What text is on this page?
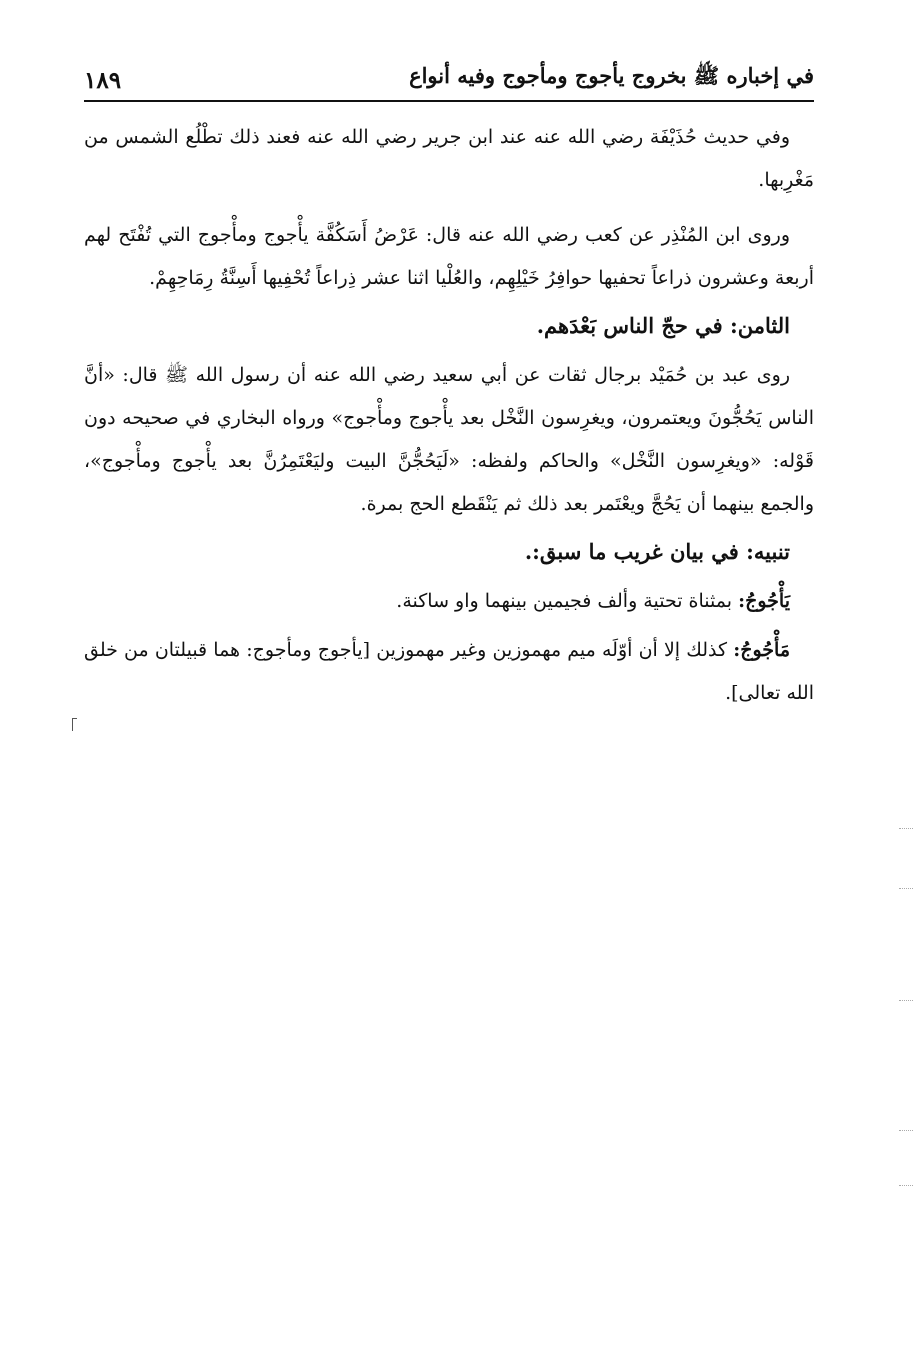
في إخباره ﷺ بخروج يأجوج ومأجوج وفيه أنواع
١٨٩

وفي حديث حُذَيْفَة رضي الله عنه عند ابن جرير رضي الله عنه فعند ذلك تطْلُع الشمس من مَغْرِبها.

وروى ابن المُنْذِر عن كعب رضي الله عنه قال: عَرْضُ أَسَكُفَّة يأْجوج ومأْجوج التي تُفْتَح لهم أربعة وعشرون ذراعاً تحفيها حوافِرُ خَيْلِهِم، والعُلْيا اثنا عشر ذِراعاً تُحْفِيها أَسِنَّةُ رِمَاحِهِمْ.

الثامن: في حجّ الناس بَعْدَهم.

روى عبد بن حُمَيْد برجال ثقات عن أبي سعيد رضي الله عنه أن رسول الله ﷺ قال: «أنَّ الناس يَحُجُّونَ ويعتمرون، ويغرِسون النَّخْل بعد يأْجوج ومأْجوج» ورواه البخاري في صحيحه دون قَوْله: «ويغرِسون النَّخْل» والحاكم ولفظه: «لَيَحُجُّنَّ البيت وليَعْتَمِرُنَّ بعد يأْجوج ومأْجوج»، والجمع بينهما أن يَحُجَّ ويعْتَمر بعد ذلك ثم يَنْقَطع الحج بمرة.

تنبيه: في بيان غريب ما سبق:.

يَأْجُوجُ: بمثناة تحتية وألف فجيمين بينهما واو ساكنة.

مَأْجُوجُ: كذلك إلا أن أوّلَه ميم مهموزين وغير مهموزين [يأجوج ومأجوج: هما قبيلتان من خلق الله تعالى].
